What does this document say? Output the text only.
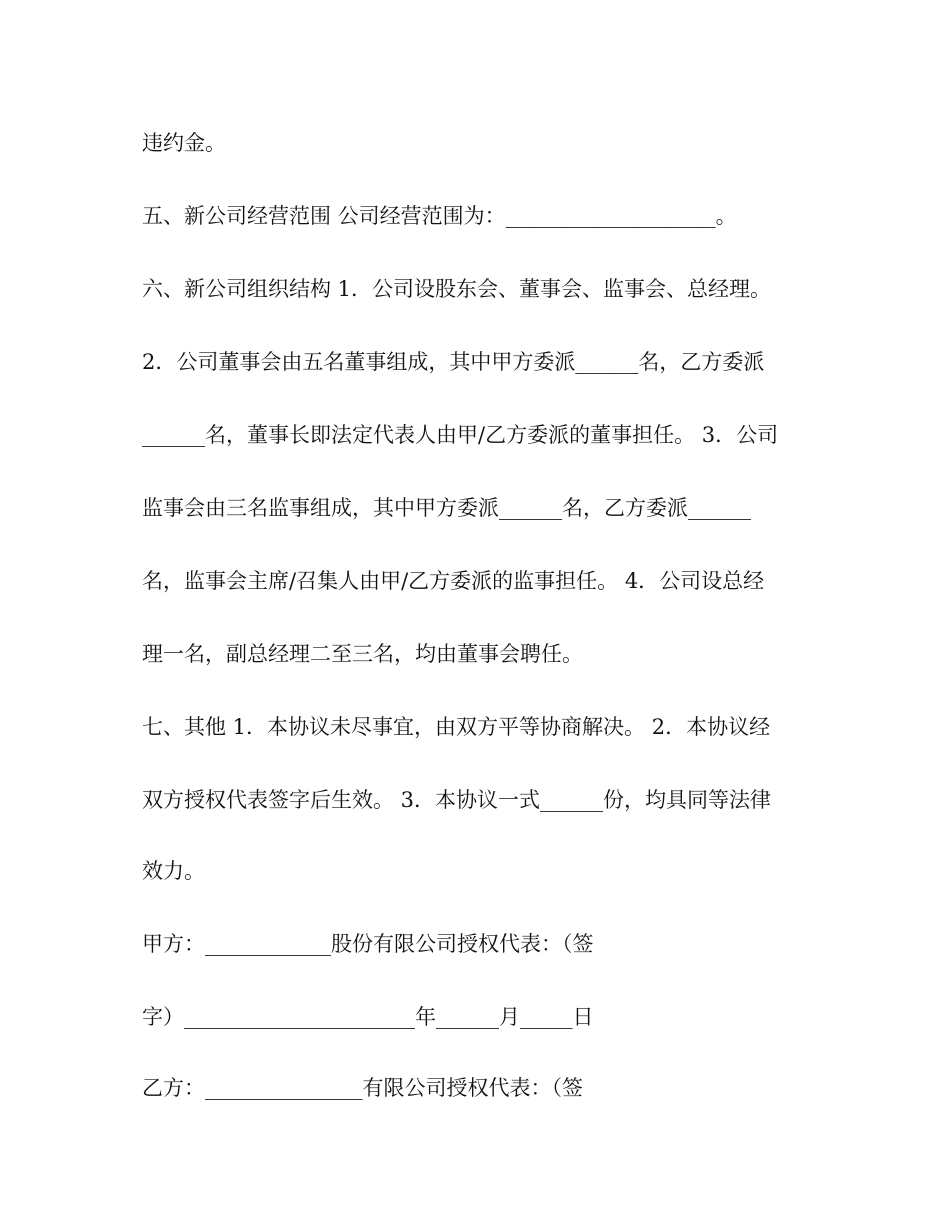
违约金。
五、新公司经营范围 公司经营范围为：____________________。
六、新公司组织结构 1．公司设股东会、董事会、监事会、总经理。
2．公司董事会由五名董事组成，其中甲方委派______名，乙方委派
______名，董事长即法定代表人由甲/乙方委派的董事担任。 3．公司
监事会由三名监事组成，其中甲方委派______名，乙方委派______
名，监事会主席/召集人由甲/乙方委派的监事担任。 4．公司设总经
理一名，副总经理二至三名，均由董事会聘任。
七、其他 1．本协议未尽事宜，由双方平等协商解决。 2．本协议经
双方授权代表签字后生效。 3．本协议一式______份，均具同等法律
效力。
甲方：____________股份有限公司授权代表：（签
字）______________________年______月_____日
乙方：_______________有限公司授权代表：（签
